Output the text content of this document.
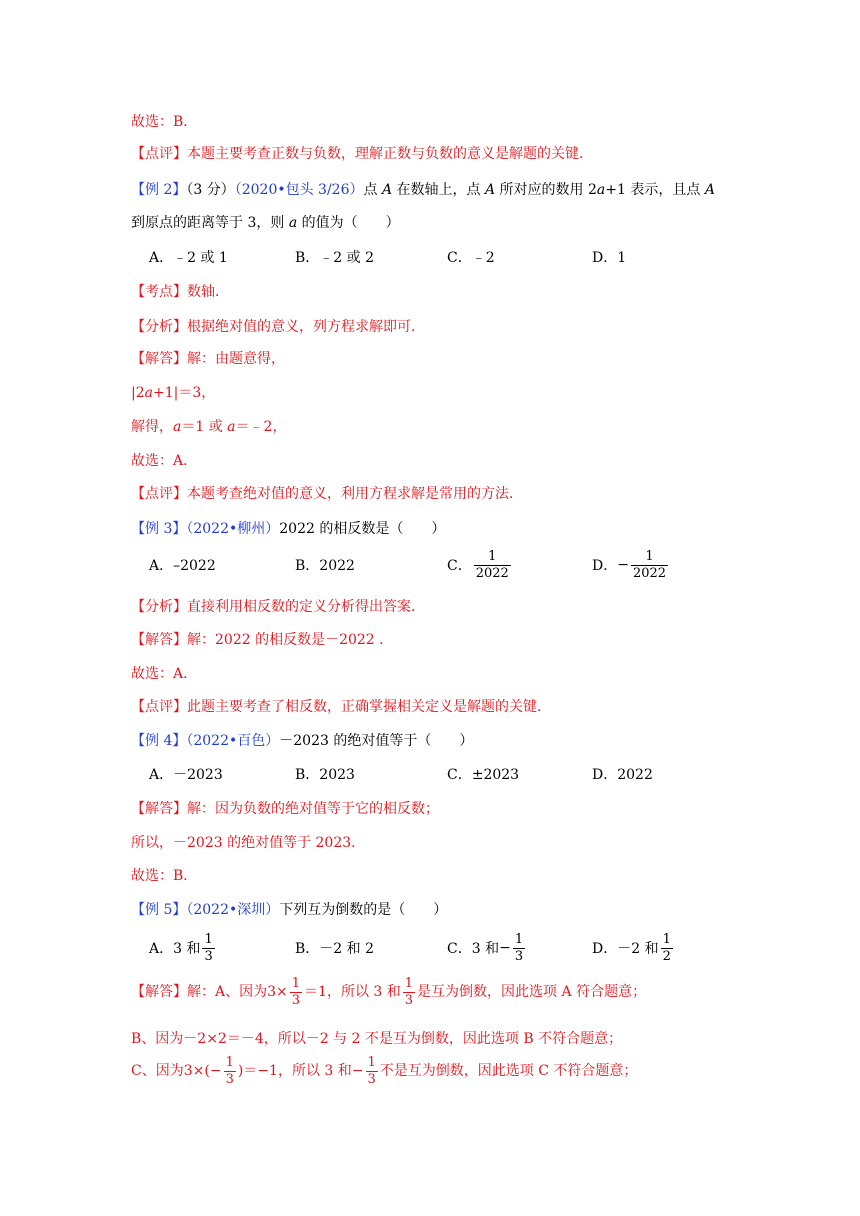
故选：B．
【点评】本题主要考查正数与负数，理解正数与负数的意义是解题的关键．
【例 2】（3 分）（2020•包头 3/26）点 A 在数轴上，点 A 所对应的数用 2a+1 表示，且点 A
到原点的距离等于 3，则 a 的值为（　　）
A．﹣2 或 1	B．﹣2 或 2	C．﹣2	D．1
【考点】数轴．
【分析】根据绝对值的意义，列方程求解即可．
【解答】解：由题意得，
|2a+1|＝3，
解得，a＝1 或 a＝﹣2，
故选：A．
【点评】本题考查绝对值的意义，利用方程求解是常用的方法．
【例 3】（2022•柳州）2022 的相反数是（　　）
A．–2022	B．2022	C． $\frac{1}{2022}$	D． − $\frac{1}{2022}$
【分析】直接利用相反数的定义分析得出答案．
【解答】解：2022 的相反数是－2022 ．
故选：A．
【点评】此题主要考查了相反数，正确掌握相关定义是解题的关键．
【例 4】（2022•百色）－2023 的绝对值等于（　　）
A．－2023	B．2023	C．±2023	D．2022
【解答】解：因为负数的绝对值等于它的相反数；
所以，－2023 的绝对值等于 2023．
故选：B．
【例 5】（2022•深圳）下列互为倒数的是（　　）
A．3 和 $\frac{1}{3}$	B．－2 和 2	C．3 和 − $\frac{1}{3}$	D．－2 和 $\frac{1}{2}$
【解答】 解：A、因为 $3\times \frac{1}{3} =1$ ，所以 3 和 $\frac{1}{3}$ 是互为倒数，因此选项 A 符合题意；
B、因为－2×2＝－4，所以－2 与 2 不是互为倒数，因此选项 B 不符合题意；
C、因为 $3\times(- \frac{1}{3} )=-1$ ，所以 3 和 − $\frac{1}{3}$ 不是互为倒数，因此选项 C 不符合题意；
